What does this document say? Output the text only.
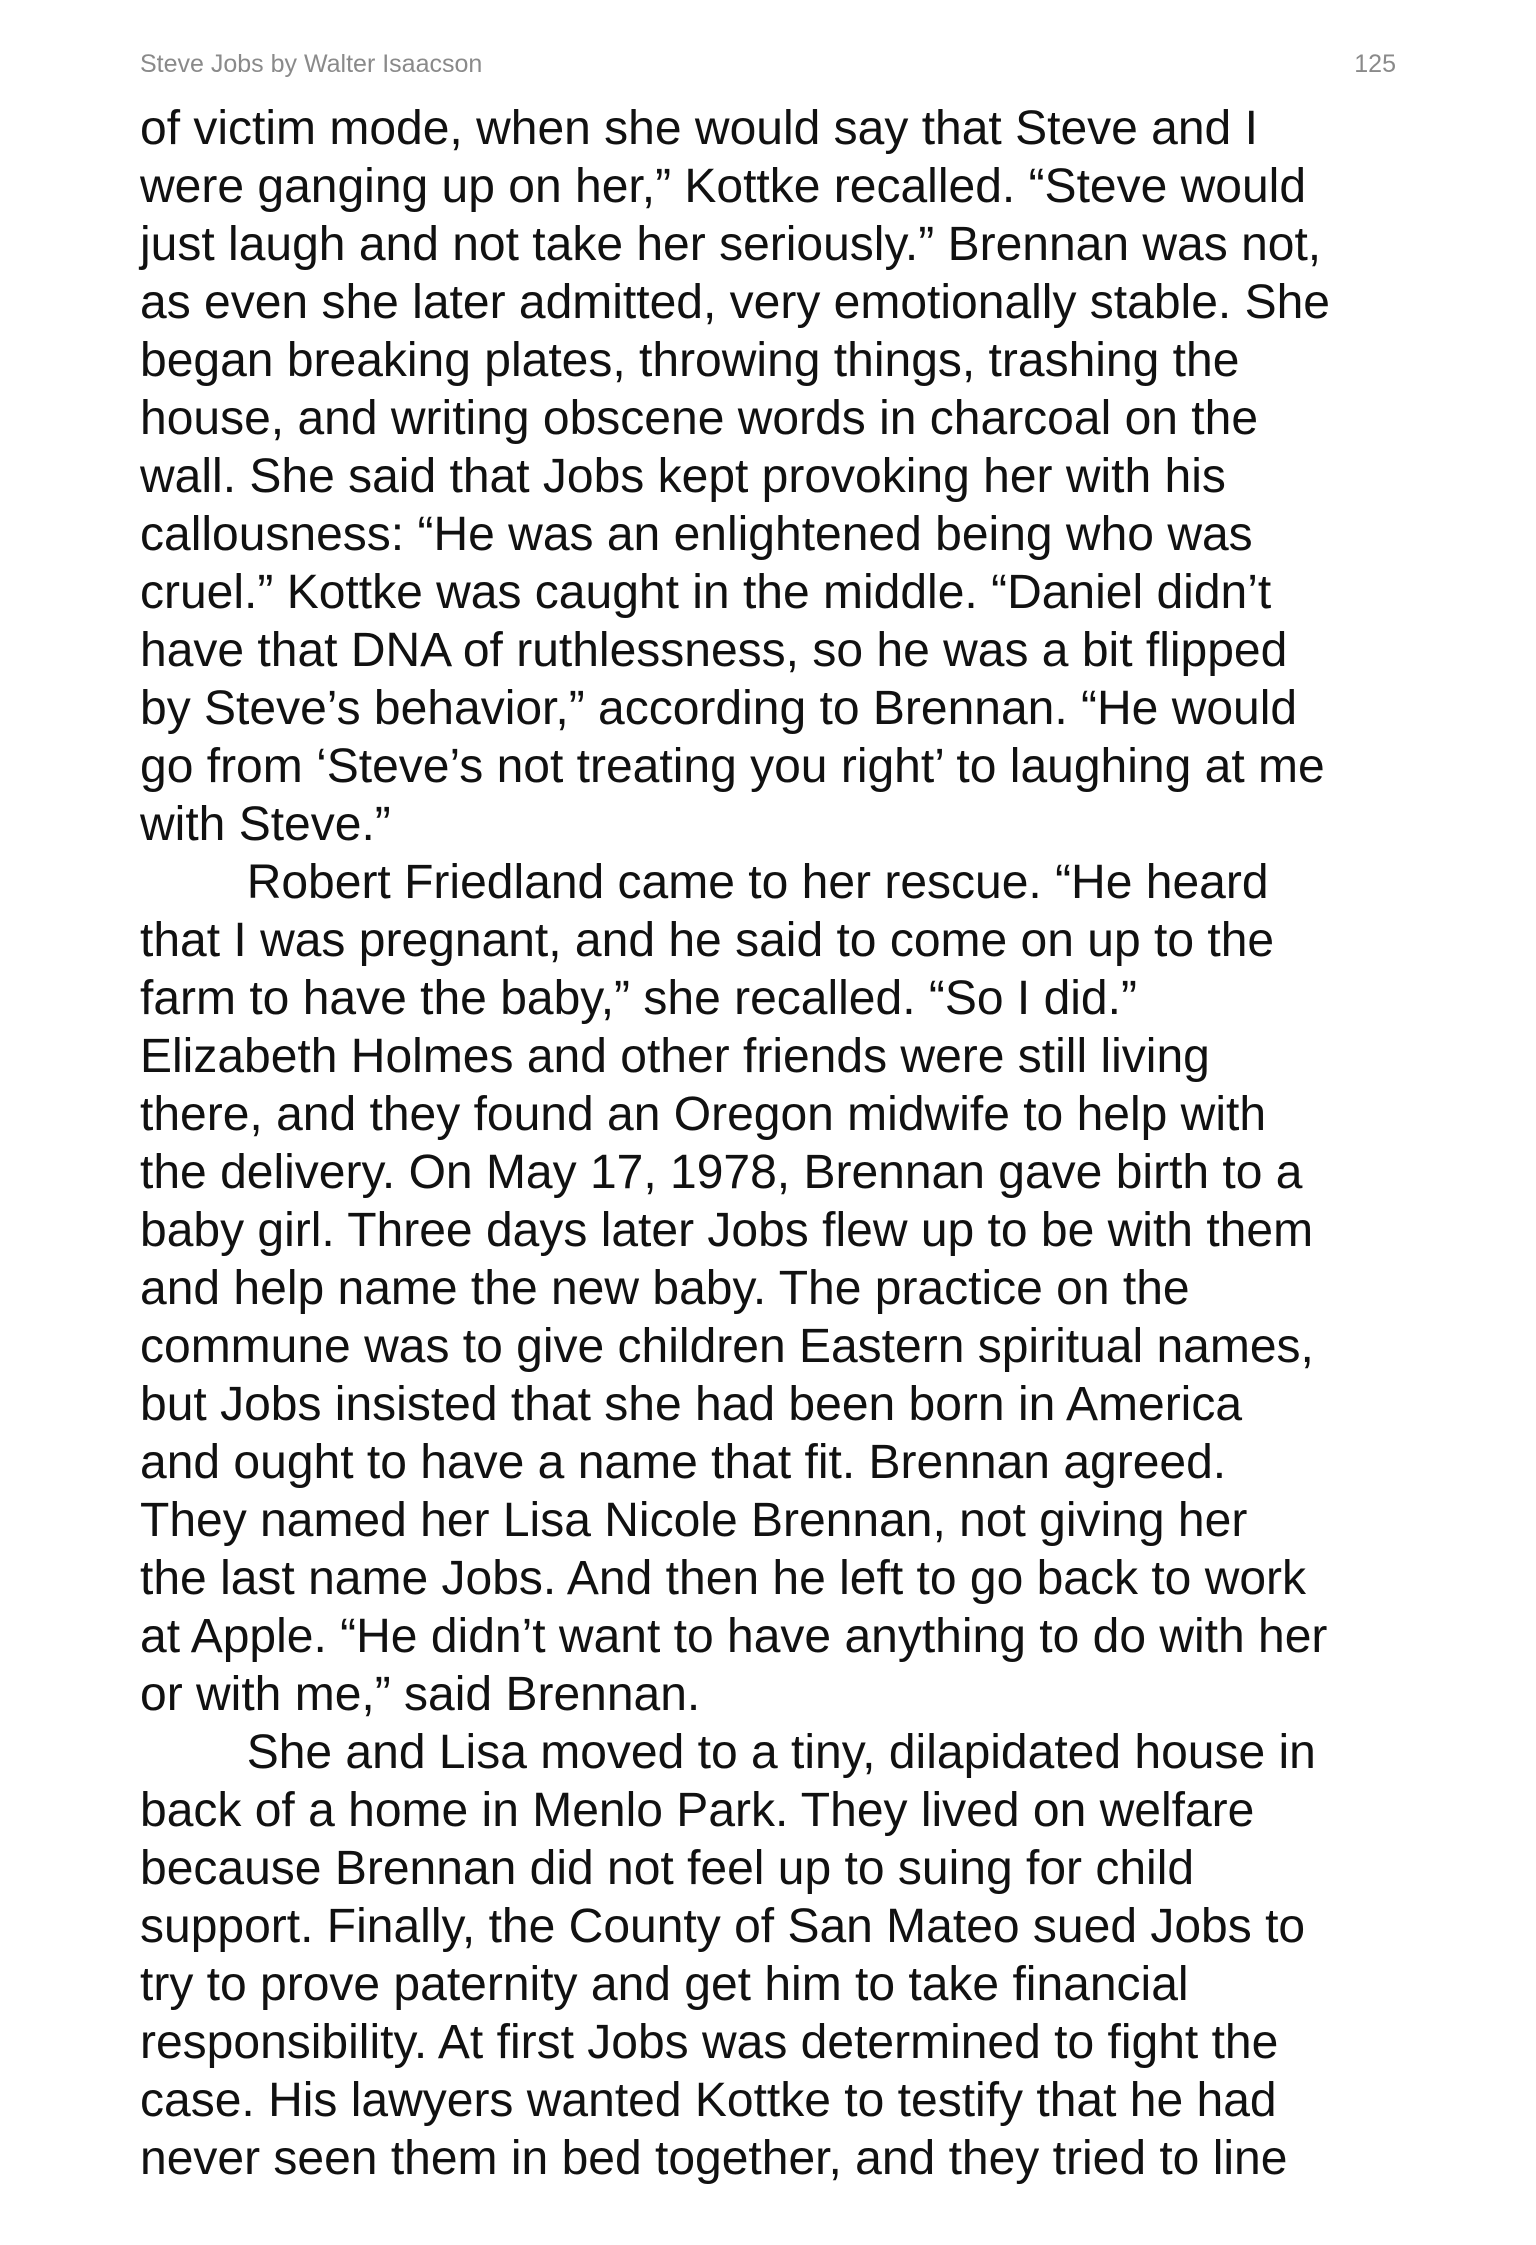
Steve Jobs by Walter Isaacson	125
of victim mode, when she would say that Steve and I
were ganging up on her,” Kottke recalled. “Steve would
just laugh and not take her seriously.” Brennan was not,
as even she later admitted, very emotionally stable. She
began breaking plates, throwing things, trashing the
house, and writing obscene words in charcoal on the
wall. She said that Jobs kept provoking her with his
callousness: “He was an enlightened being who was
cruel.” Kottke was caught in the middle. “Daniel didn’t
have that DNA of ruthlessness, so he was a bit flipped
by Steve’s behavior,” according to Brennan. “He would
go from ‘Steve’s not treating you right’ to laughing at me
with Steve.”
Robert Friedland came to her rescue. “He heard
that I was pregnant, and he said to come on up to the
farm to have the baby,” she recalled. “So I did.”
Elizabeth Holmes and other friends were still living
there, and they found an Oregon midwife to help with
the delivery. On May 17, 1978, Brennan gave birth to a
baby girl. Three days later Jobs flew up to be with them
and help name the new baby. The practice on the
commune was to give children Eastern spiritual names,
but Jobs insisted that she had been born in America
and ought to have a name that fit. Brennan agreed.
They named her Lisa Nicole Brennan, not giving her
the last name Jobs. And then he left to go back to work
at Apple. “He didn’t want to have anything to do with her
or with me,” said Brennan.
She and Lisa moved to a tiny, dilapidated house in
back of a home in Menlo Park. They lived on welfare
because Brennan did not feel up to suing for child
support. Finally, the County of San Mateo sued Jobs to
try to prove paternity and get him to take financial
responsibility. At first Jobs was determined to fight the
case. His lawyers wanted Kottke to testify that he had
never seen them in bed together, and they tried to line
